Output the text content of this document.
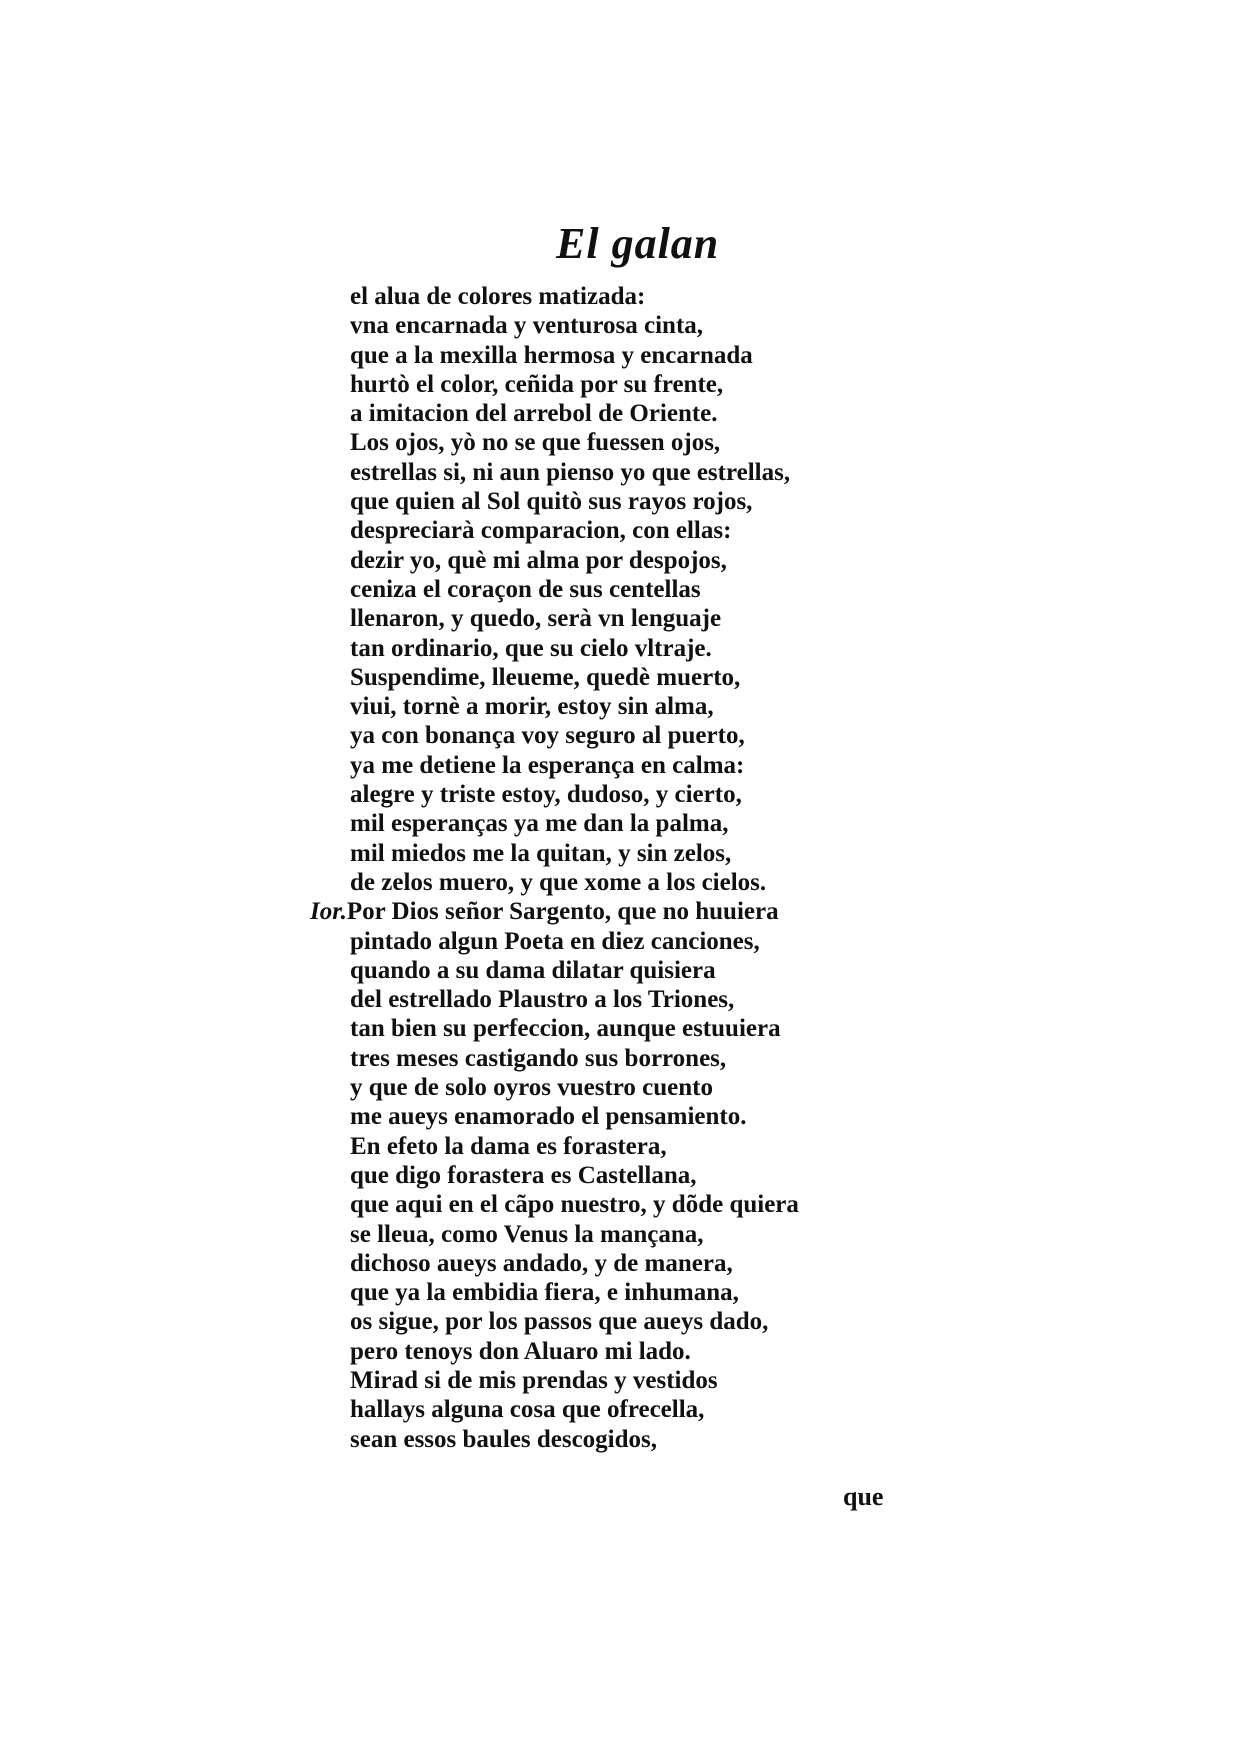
El galan
el alua de colores matizada:
vna encarnada y venturosa cinta,
que a la mexilla hermosa y encarnada
hurtò el color, ceñida por su frente,
a imitacion del arrebol de Oriente.
Los ojos, yò no se que fuessen ojos,
estrellas si, ni aun pienso yo que estrellas,
que quien al Sol quitò sus rayos rojos,
despreciarà comparacion, con ellas:
dezir yo, què mi alma por despojos,
ceniza el coraçon de sus centellas
llenaron, y quedo, serà vn lenguaje
tan ordinario, que su cielo vltraje.
Suspendime, lleueme, quedè muerto,
viui, tornè a morir, estoy sin alma,
ya con bonança voy seguro al puerto,
ya me detiene la esperança en calma:
alegre y triste estoy, dudoso, y cierto,
mil esperanças ya me dan la palma,
mil miedos me la quitan, y sin zelos,
de zelos muero, y que xome a los cielos.
Ior.Por Dios señor Sargento, que no huuiera
pintado algun Poeta en diez canciones,
quando a su dama dilatar quisiera
del estrellado Plaustro a los Triones,
tan bien su perfeccion, aunque estuuiera
tres meses castigando sus borrones,
y que de solo oyros vuestro cuento
me aueys enamorado el pensamiento.
En efeto la dama es forastera,
que digo forastera es Castellana,
que aqui en el cãpo nuestro, y dõde quiera
se lleua, como Venus la mançana,
dichoso aueys andado, y de manera,
que ya la embidia fiera, e inhumana,
os sigue, por los passos que aueys dado,
pero tenoys don Aluaro mi lado.
Mirad si de mis prendas y vestidos
hallays alguna cosa que ofrecella,
sean essos baules descogidos,
que
